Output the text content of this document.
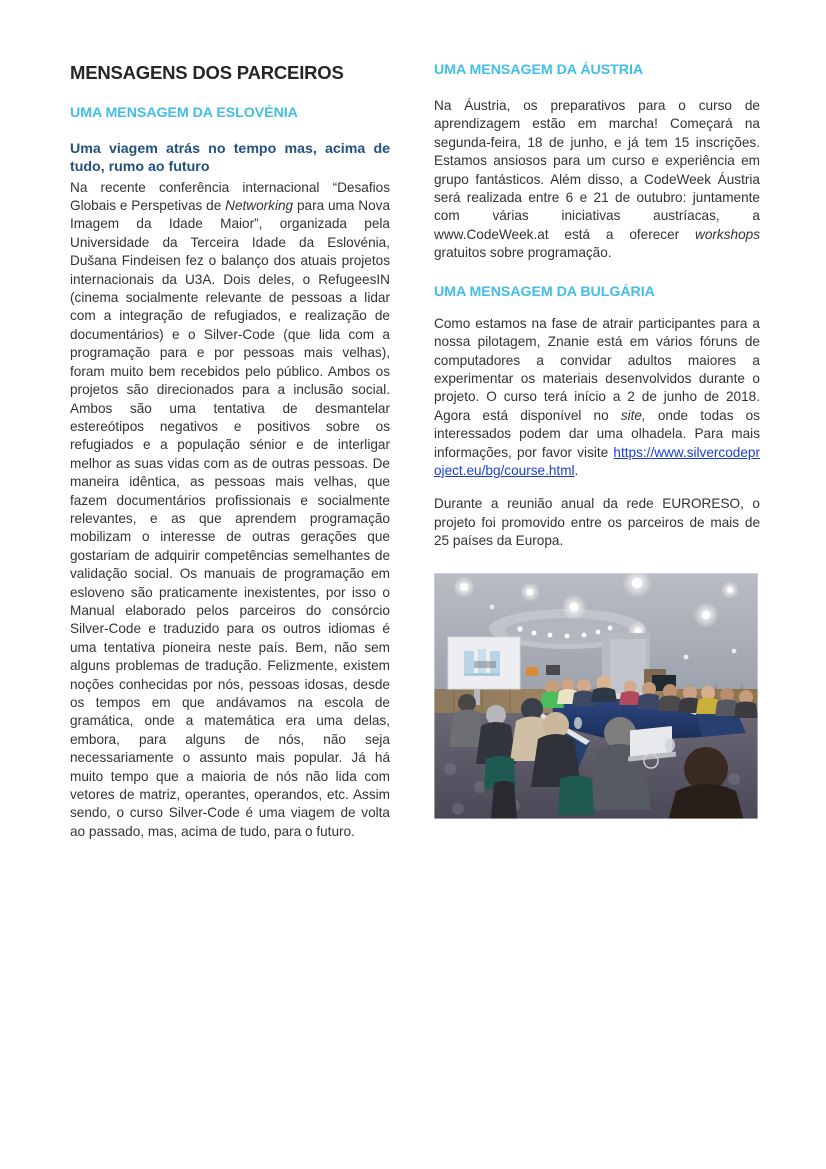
MENSAGENS DOS PARCEIROS
UMA MENSAGEM DA ESLOVÉNIA
Uma viagem atrás no tempo mas, acima de tudo, rumo ao futuro

Na recente conferência internacional “Desafios Globais e Perspetivas de Networking para uma Nova Imagem da Idade Maior”, organizada pela Universidade da Terceira Idade da Eslovénia, Dušana Findeisen fez o balanço dos atuais projetos internacionais da U3A. Dois deles, o RefugeesIN (cinema socialmente relevante de pessoas a lidar com a integração de refugiados, e realização de documentários) e o Silver-Code (que lida com a programação para e por pessoas mais velhas), foram muito bem recebidos pelo público. Ambos os projetos são direcionados para a inclusão social. Ambos são uma tentativa de desmantelar estereótipos negativos e positivos sobre os refugiados e a população sénior e de interligar melhor as suas vidas com as de outras pessoas. De maneira idêntica, as pessoas mais velhas, que fazem documentários profissionais e socialmente relevantes, e as que aprendem programação mobilizam o interesse de outras gerações que gostariam de adquirir competências semelhantes de validação social. Os manuais de programação em esloveno são praticamente inexistentes, por isso o Manual elaborado pelos parceiros do consórcio Silver-Code e traduzido para os outros idiomas é uma tentativa pioneira neste país. Bem, não sem alguns problemas de tradução. Felizmente, existem noções conhecidas por nós, pessoas idosas, desde os tempos em que andávamos na escola de gramática, onde a matemática era uma delas, embora, para alguns de nós, não seja necessariamente o assunto mais popular. Já há muito tempo que a maioria de nós não lida com vetores de matriz, operantes, operandos, etc. Assim sendo, o curso Silver-Code é uma viagem de volta ao passado, mas, acima de tudo, para o futuro.

UMA MENSAGEM DA ÁUSTRIA

Na Áustria, os preparativos para o curso de aprendizagem estão em marcha! Começará na segunda-feira, 18 de junho, e já tem 15 inscrições. Estamos ansiosos para um curso e experiência em grupo fantásticos. Além disso, a CodeWeek Áustria será realizada entre 6 e 21 de outubro: juntamente com várias iniciativas austríacas, a www.CodeWeek.at está a oferecer workshops gratuitos sobre programação.

UMA MENSAGEM DA BULGÁRIA

Como estamos na fase de atrair participantes para a nossa pilotagem, Znanie está em vários fóruns de computadores a convidar adultos maiores a experimentar os materiais desenvolvidos durante o projeto. O curso terá início a 2 de junho de 2018. Agora está disponível no site, onde todas os interessados podem dar uma olhadela. Para mais informações, por favor visite https://www.silvercodeproject.eu/bg/course.html.

Durante a reunião anual da rede EURORESO, o projeto foi promovido entre os parceiros de mais de 25 países da Europa.
